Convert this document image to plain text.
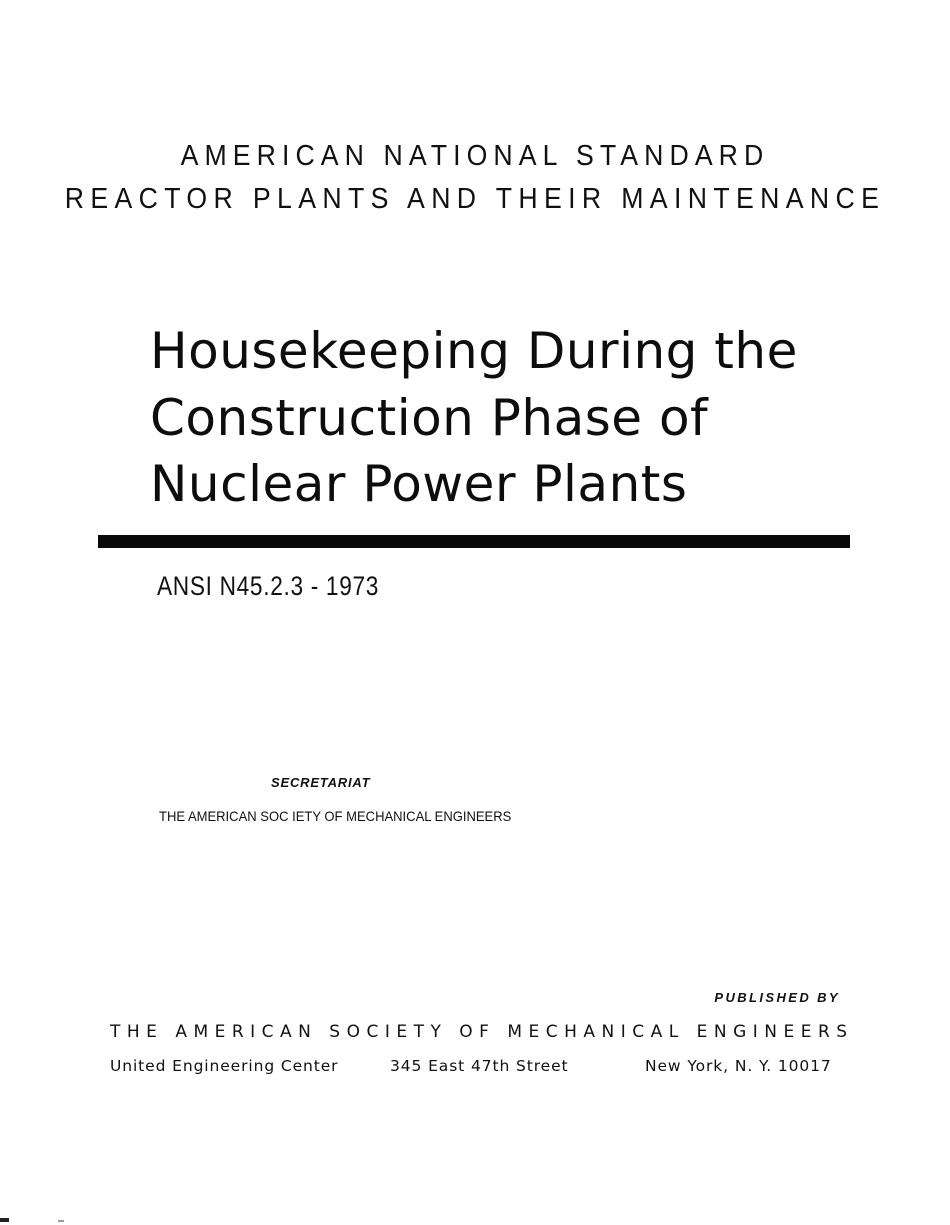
AMERICAN NATIONAL STANDARD
REACTOR PLANTS AND THEIR MAINTENANCE
Housekeeping During the
Construction Phase of
Nuclear Power Plants
ANSI N45.2.3 - 1973
SECRETARIAT
THE AMERICAN SOC IETY OF MECHANICAL ENGINEERS
PUBLISHED BY
THE AMERICAN SOCIETY OF MECHANICAL ENGINEERS
United Engineering Center	345 East 47th Street	New York, N. Y. 10017
